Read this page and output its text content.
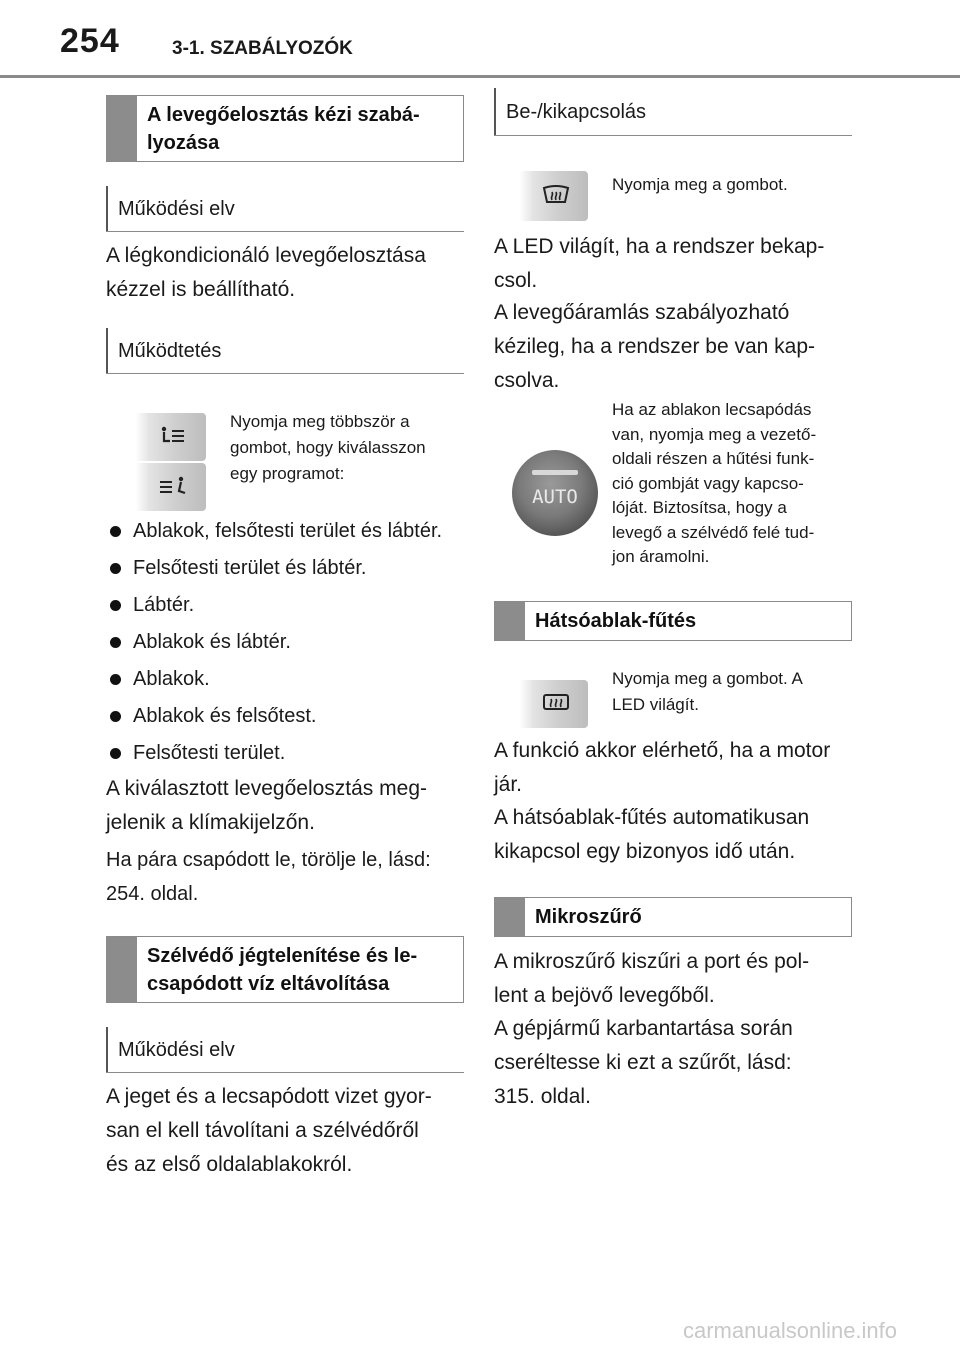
254	3-1. SZABÁLYOZÓK
A levegőelosztás kézi szabá-
lyozása
Működési elv
A légkondicionáló levegőelosztása
kézzel is beállítható.
Működtetés
Nyomja meg többször a
gombot, hogy kiválasszon
egy programot:
Ablakok, felsőtesti terület és lábtér.
Felsőtesti terület és lábtér.
Lábtér.
Ablakok és lábtér.
Ablakok.
Ablakok és felsőtest.
Felsőtesti terület.
A kiválasztott levegőelosztás meg-
jelenik a klímakijelzőn.
Ha pára csapódott le, törölje le, lásd:
254. oldal.
Szélvédő jégtelenítése és le-
csapódott víz eltávolítása
Működési elv
A jeget és a lecsapódott vizet gyor-
san el kell távolítani a szélvédőről
és az első oldalablakokról.
Be-/kikapcsolás
Nyomja meg a gombot.
A LED világít, ha a rendszer bekap-
csol.
A levegőáramlás szabályozható
kézileg, ha a rendszer be van kap-
csolva.
AUTO
Ha az ablakon lecsapódás
van, nyomja meg a vezető-
oldali részen a hűtési funk-
ció gombját vagy kapcso-
lóját. Biztosítsa, hogy a
levegő a szélvédő felé tud-
jon áramolni.
Hátsóablak-fűtés
Nyomja meg a gombot. A
LED világít.
A funkció akkor elérhető, ha a motor
jár.
A hátsóablak-fűtés automatikusan
kikapcsol egy bizonyos idő után.
Mikroszűrő
A mikroszűrő kiszűri a port és pol-
lent a bejövő levegőből.
A gépjármű karbantartása során
cseréltesse ki ezt a szűrőt, lásd:
315. oldal.
carmanualsonline.info
